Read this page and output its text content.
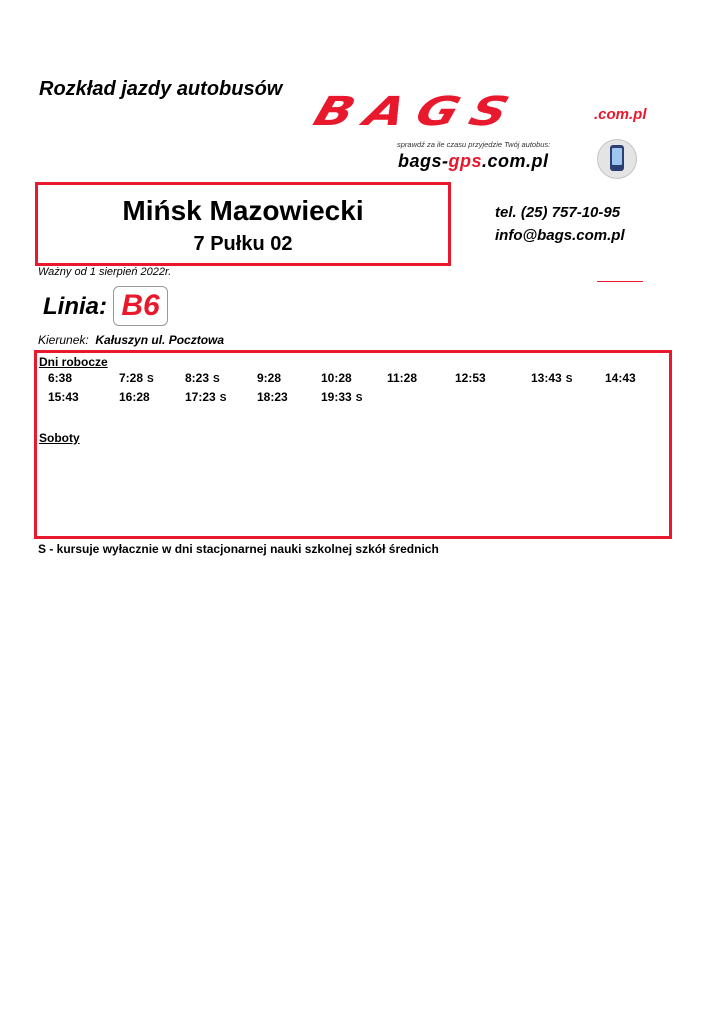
Rozkład jazdy autobusów BAGS	.com.pl
sprawdź za ile czasu przyjedzie Twój autobus:
bags-gps.com.pl
Mińsk Mazowiecki
7 Pułku 02
tel. (25) 757-10-95
info@bags.com.pl
Ważny od 1 sierpień 2022r.
Linia: B6
Kierunek: Kałuszyn ul. Pocztowa
Dni robocze
6:38	7:28 S	8:23 S	9:28	10:28	11:28	12:53	13:43 S	14:43
15:43	16:28	17:23 S	18:23	19:33 S
Soboty
S - kursuje wyłacznie w dni stacjonarnej nauki szkolnej szkół średnich
